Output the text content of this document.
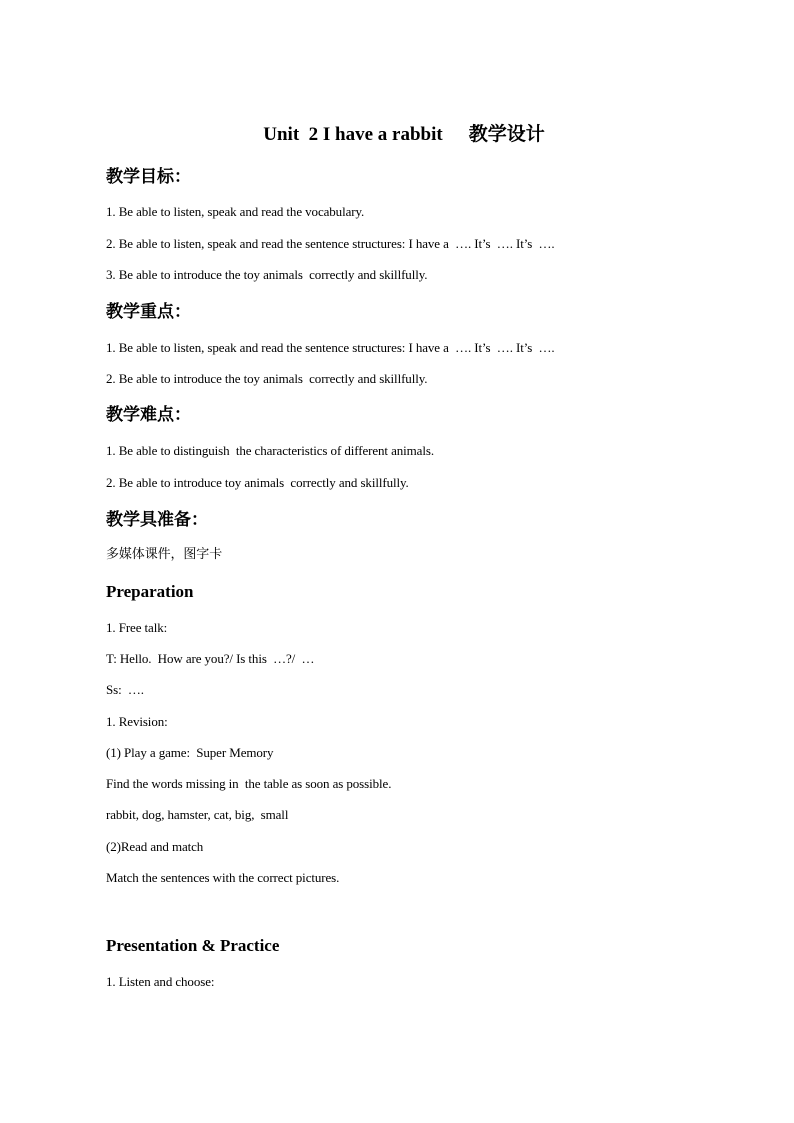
Unit  2 I have a rabbit 教学设计
教学目标：
1. Be able to listen, speak and read the vocabulary.
2. Be able to listen, speak and read the sentence structures: I have a  …. It’s  …. It’s  ….
3. Be able to introduce the toy animals  correctly and skillfully.
教学重点：
1. Be able to listen, speak and read the sentence structures: I have a  …. It’s  …. It’s  ….
2. Be able to introduce the toy animals  correctly and skillfully.
教学难点：
1. Be able to distinguish  the characteristics of different animals.
2. Be able to introduce toy animals  correctly and skillfully.
教学具准备：
多媒体课件，图字卡
Preparation
1. Free talk:
T: Hello.  How are you?/ Is this  …?/  …
Ss:  ….
1. Revision:
(1) Play a game:  Super Memory
Find the words missing in  the table as soon as possible.
rabbit, dog, hamster, cat, big,  small
(2)Read and match
Match the sentences with the correct pictures.
Presentation & Practice
1. Listen and choose:
